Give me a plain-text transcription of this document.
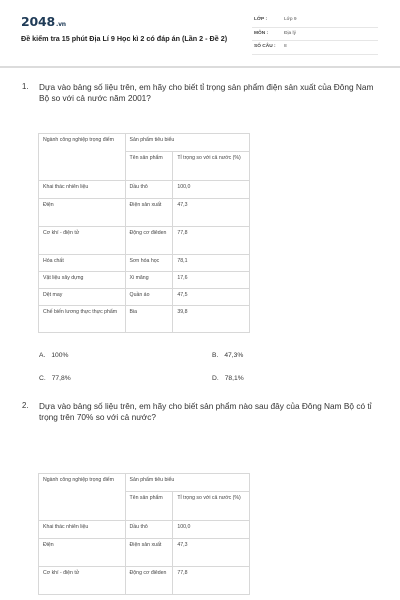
2048.vn
Đề kiểm tra 15 phút Địa Lí 9 Học kì 2 có đáp án (Lần 2 - Đề 2)
LỚP :	Lớp 9
MÔN :	Địa lý
SỐ CÂU : 8
1. Dựa vào bảng số liệu trên, em hãy cho biết tỉ trọng sản phẩm điện sản xuất của Đông Nam Bộ so với cả nước năm 2001?
Ngành công nghiệp trọng điểm	Sản phẩm tiêu biểu	
	Tên sản phẩm	Tỉ trọng so với cả nước (%)
Khai thác nhiên liệu	Dầu thô	100,0
Điện	Điện sản xuất	47,3
Cơ khí - điện tử	Động cơ điêden	77,8
Hóa chất	Sơn hóa học	78,1
Vật liệu xây dựng	Xi măng	17,6
Dệt may	Quần áo	47,5
Chế biến lương thực thực phẩm	Bia	39,8
A. 100%	B. 47,3%
C. 77,8%	D. 78,1%
2. Dựa vào bảng số liệu trên, em hãy cho biết sản phẩm nào sau đây của Đông Nam Bộ có tỉ trọng trên 70% so với cả nước?
Ngành công nghiệp trọng điểm	Sản phẩm tiêu biểu	
	Tên sản phẩm	Tỉ trọng so với cả nước (%)
Khai thác nhiên liệu	Dầu thô	100,0
Điện	Điện sản xuất	47,3
Cơ khí - điện tử	Động cơ điêden	77,8
